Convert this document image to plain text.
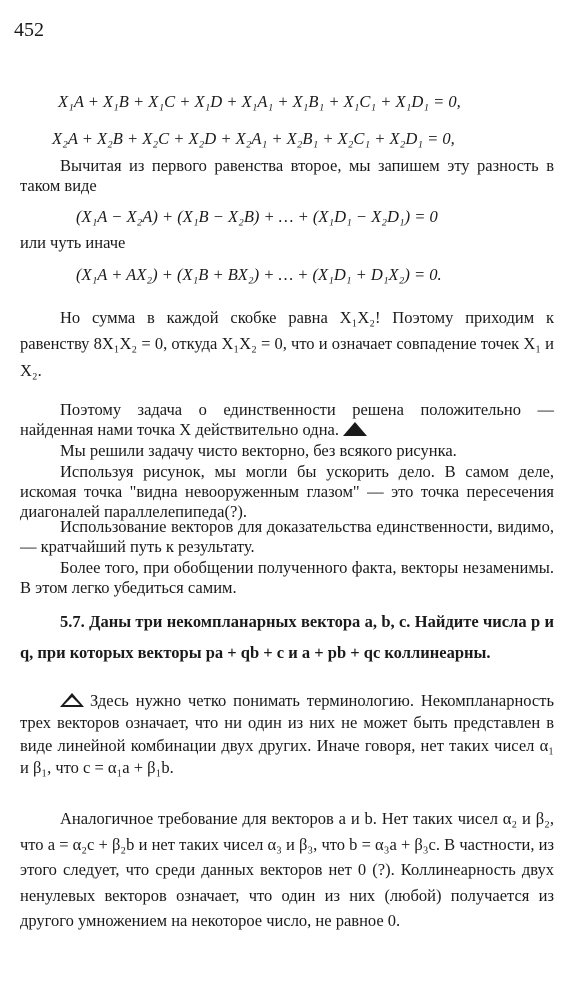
452
X₁A + X₁B + X₁C + X₁D + X₁A₁ + X₁B₁ + X₁C₁ + X₁D₁ = 0,
X₂A + X₂B + X₂C + X₂D + X₂A₁ + X₂B₁ + X₂C₁ + X₂D₁ = 0,
Вычитая из первого равенства второе, мы запишем эту разность в таком виде
(X₁A − X₂A) + (X₁B − X₂B) + … + (X₁D₁ − X₂D₁) = 0
или чуть иначе
(X₁A + AX₂) + (X₁B + BX₂) + … + (X₁D₁ + D₁X₂) = 0.
Но сумма в каждой скобке равна X₁X₂! Поэтому приходим к равенству 8X₁X₂ = 0, откуда X₁X₂ = 0, что и означает совпадение точек X₁ и X₂.
Поэтому задача о единственности решена положительно — найденная нами точка X действительно одна.
Мы решили задачу чисто векторно, без всякого рисунка.
Используя рисунок, мы могли бы ускорить дело. В самом деле, искомая точка "видна невооруженным глазом" — это точка пересечения диагоналей параллелепипеда(?).
Использование векторов для доказательства единственности, видимо, — кратчайший путь к результату.
Более того, при обобщении полученного факта, векторы незаменимы. В этом легко убедиться самим.
5.7. Даны три некомпланарных вектора a, b, c. Найдите числа p и q, при которых векторы pa + qb + c и a + pb + qc коллинеарны.
Здесь нужно четко понимать терминологию. Некомпланарность трех векторов означает, что ни один из них не может быть представлен в виде линейной комбинации двух других. Иначе говоря, нет таких чисел α₁ и β₁, что c = α₁a + β₁b.
Аналогичное требование для векторов a и b. Нет таких чисел α₂ и β₂, что a = α₂c + β₂b и нет таких чисел α₃ и β₃, что b = α₃a + β₃c. В частности, из этого следует, что среди данных векторов нет 0 (?). Коллинеарность двух ненулевых векторов означает, что один из них (любой) получается из другого умножением на некоторое число, не равное 0.
